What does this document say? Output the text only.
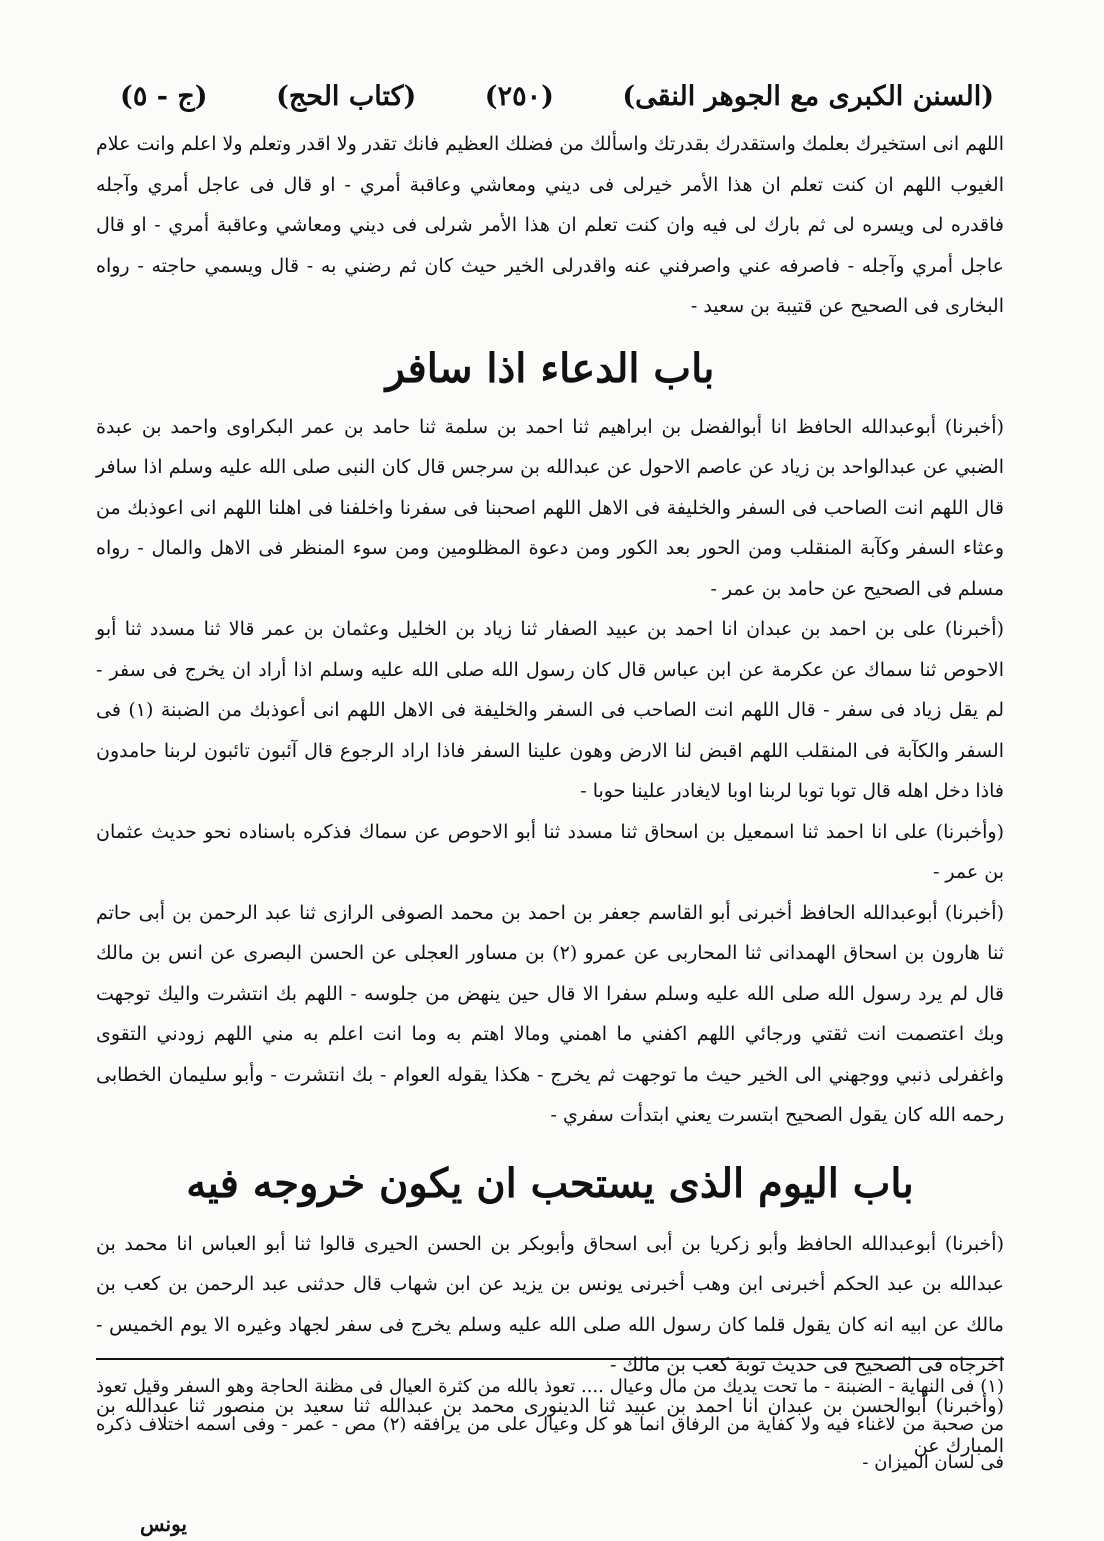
(السنن الكبرى مع الجوهر النقى)
(٢٥٠)
(كتاب الحج)
(ج - ٥)

اللهم انى استخيرك بعلمك واستقدرك بقدرتك واسألك من فضلك العظيم فانك تقدر ولا اقدر وتعلم ولا اعلم وانت علام الغيوب اللهم ان كنت تعلم ان هذا الأمر خيرلى فى ديني ومعاشي وعاقبة أمري - او قال فى عاجل أمري وآجله فاقدره لى ويسره لى ثم بارك لى فيه وان كنت تعلم ان هذا الأمر شرلى فى ديني ومعاشي وعاقبة أمري - او قال عاجل أمري وآجله - فاصرفه عني واصرفني عنه واقدرلى الخير حيث كان ثم رضني به - قال ويسمي حاجته - رواه البخارى فى الصحيح عن قتيبة بن سعيد -

باب الدعاء اذا سافر

(أخبرنا) أبوعبدالله الحافظ انا أبوالفضل بن ابراهيم ثنا احمد بن سلمة ثنا حامد بن عمر البكراوى واحمد بن عبدة الضبي عن عبدالواحد بن زياد عن عاصم الاحول عن عبدالله بن سرجس قال كان النبى صلى الله عليه وسلم اذا سافر قال اللهم انت الصاحب فى السفر والخليفة فى الاهل اللهم اصحبنا فى سفرنا واخلفنا فى اهلنا اللهم انى اعوذبك من وعثاء السفر وكآبة المنقلب ومن الحور بعد الكور ومن دعوة المظلومين ومن سوء المنظر فى الاهل والمال - رواه مسلم فى الصحيح عن حامد بن عمر -

(أخبرنا) على بن احمد بن عبدان انا احمد بن عبيد الصفار ثنا زياد بن الخليل وعثمان بن عمر قالا ثنا مسدد ثنا أبو الاحوص ثنا سماك عن عكرمة عن ابن عباس قال كان رسول الله صلى الله عليه وسلم اذا أراد ان يخرج فى سفر - لم يقل زياد فى سفر - قال اللهم انت الصاحب فى السفر والخليفة فى الاهل اللهم انى أعوذبك من الضبنة (١) فى السفر والكآبة فى المنقلب اللهم اقبض لنا الارض وهون علينا السفر فاذا اراد الرجوع قال آئبون تائبون لربنا حامدون فاذا دخل اهله قال توبا توبا لربنا اوبا لايغادر علينا حوبا -

(وأخبرنا) على انا احمد ثنا اسمعيل بن اسحاق ثنا مسدد ثنا أبو الاحوص عن سماك فذكره باسناده نحو حديث عثمان بن عمر -

(أخبرنا) أبوعبدالله الحافظ أخبرنى أبو القاسم جعفر بن احمد بن محمد الصوفى الرازى ثنا عبد الرحمن بن أبى حاتم ثنا هارون بن اسحاق الهمدانى ثنا المحاربى عن عمرو (٢) بن مساور العجلى عن الحسن البصرى عن انس بن مالك قال لم يرد رسول الله صلى الله عليه وسلم سفرا الا قال حين ينهض من جلوسه - اللهم بك انتشرت واليك توجهت وبك اعتصمت انت ثقتي ورجائي اللهم اكفني ما اهمني ومالا اهتم به وما انت اعلم به مني اللهم زودني التقوى واغفرلى ذنبي ووجهني الى الخير حيث ما توجهت ثم يخرج - هكذا يقوله العوام - بك انتشرت - وأبو سليمان الخطابى رحمه الله كان يقول الصحيح ابتسرت يعني ابتدأت سفري -

باب اليوم الذى يستحب ان يكون خروجه فيه

(أخبرنا) أبوعبدالله الحافظ وأبو زكريا بن أبى اسحاق وأبوبكر بن الحسن الحيرى قالوا ثنا أبو العباس انا محمد بن عبدالله بن عبد الحكم أخبرنى ابن وهب أخبرنى يونس بن يزيد عن ابن شهاب قال حدثنى عبد الرحمن بن كعب بن مالك عن ابيه انه كان يقول قلما كان رسول الله صلى الله عليه وسلم يخرج فى سفر لجهاد وغيره الا يوم الخميس - اخرجاه فى الصحيح فى حديث توبة كعب بن مالك -

(وأخبرنا) أبوالحسن بن عبدان انا احمد بن عبيد ثنا الدينورى محمد بن عبدالله ثنا سعيد بن منصور ثنا عبدالله بن المبارك عن

(١) فى النهاية - الضبنة - ما تحت يديك من مال وعيال .... تعوذ بالله من كثرة العيال فى مظنة الحاجة وهو السفر وقيل تعوذ من صحبة من لاغناء فيه ولا كفاية من الرفاق انما هو كل وعيال على من يرافقه (٢) مص - عمر - وفى اسمه اختلاف ذكره فى لسان الميزان -

يونس
